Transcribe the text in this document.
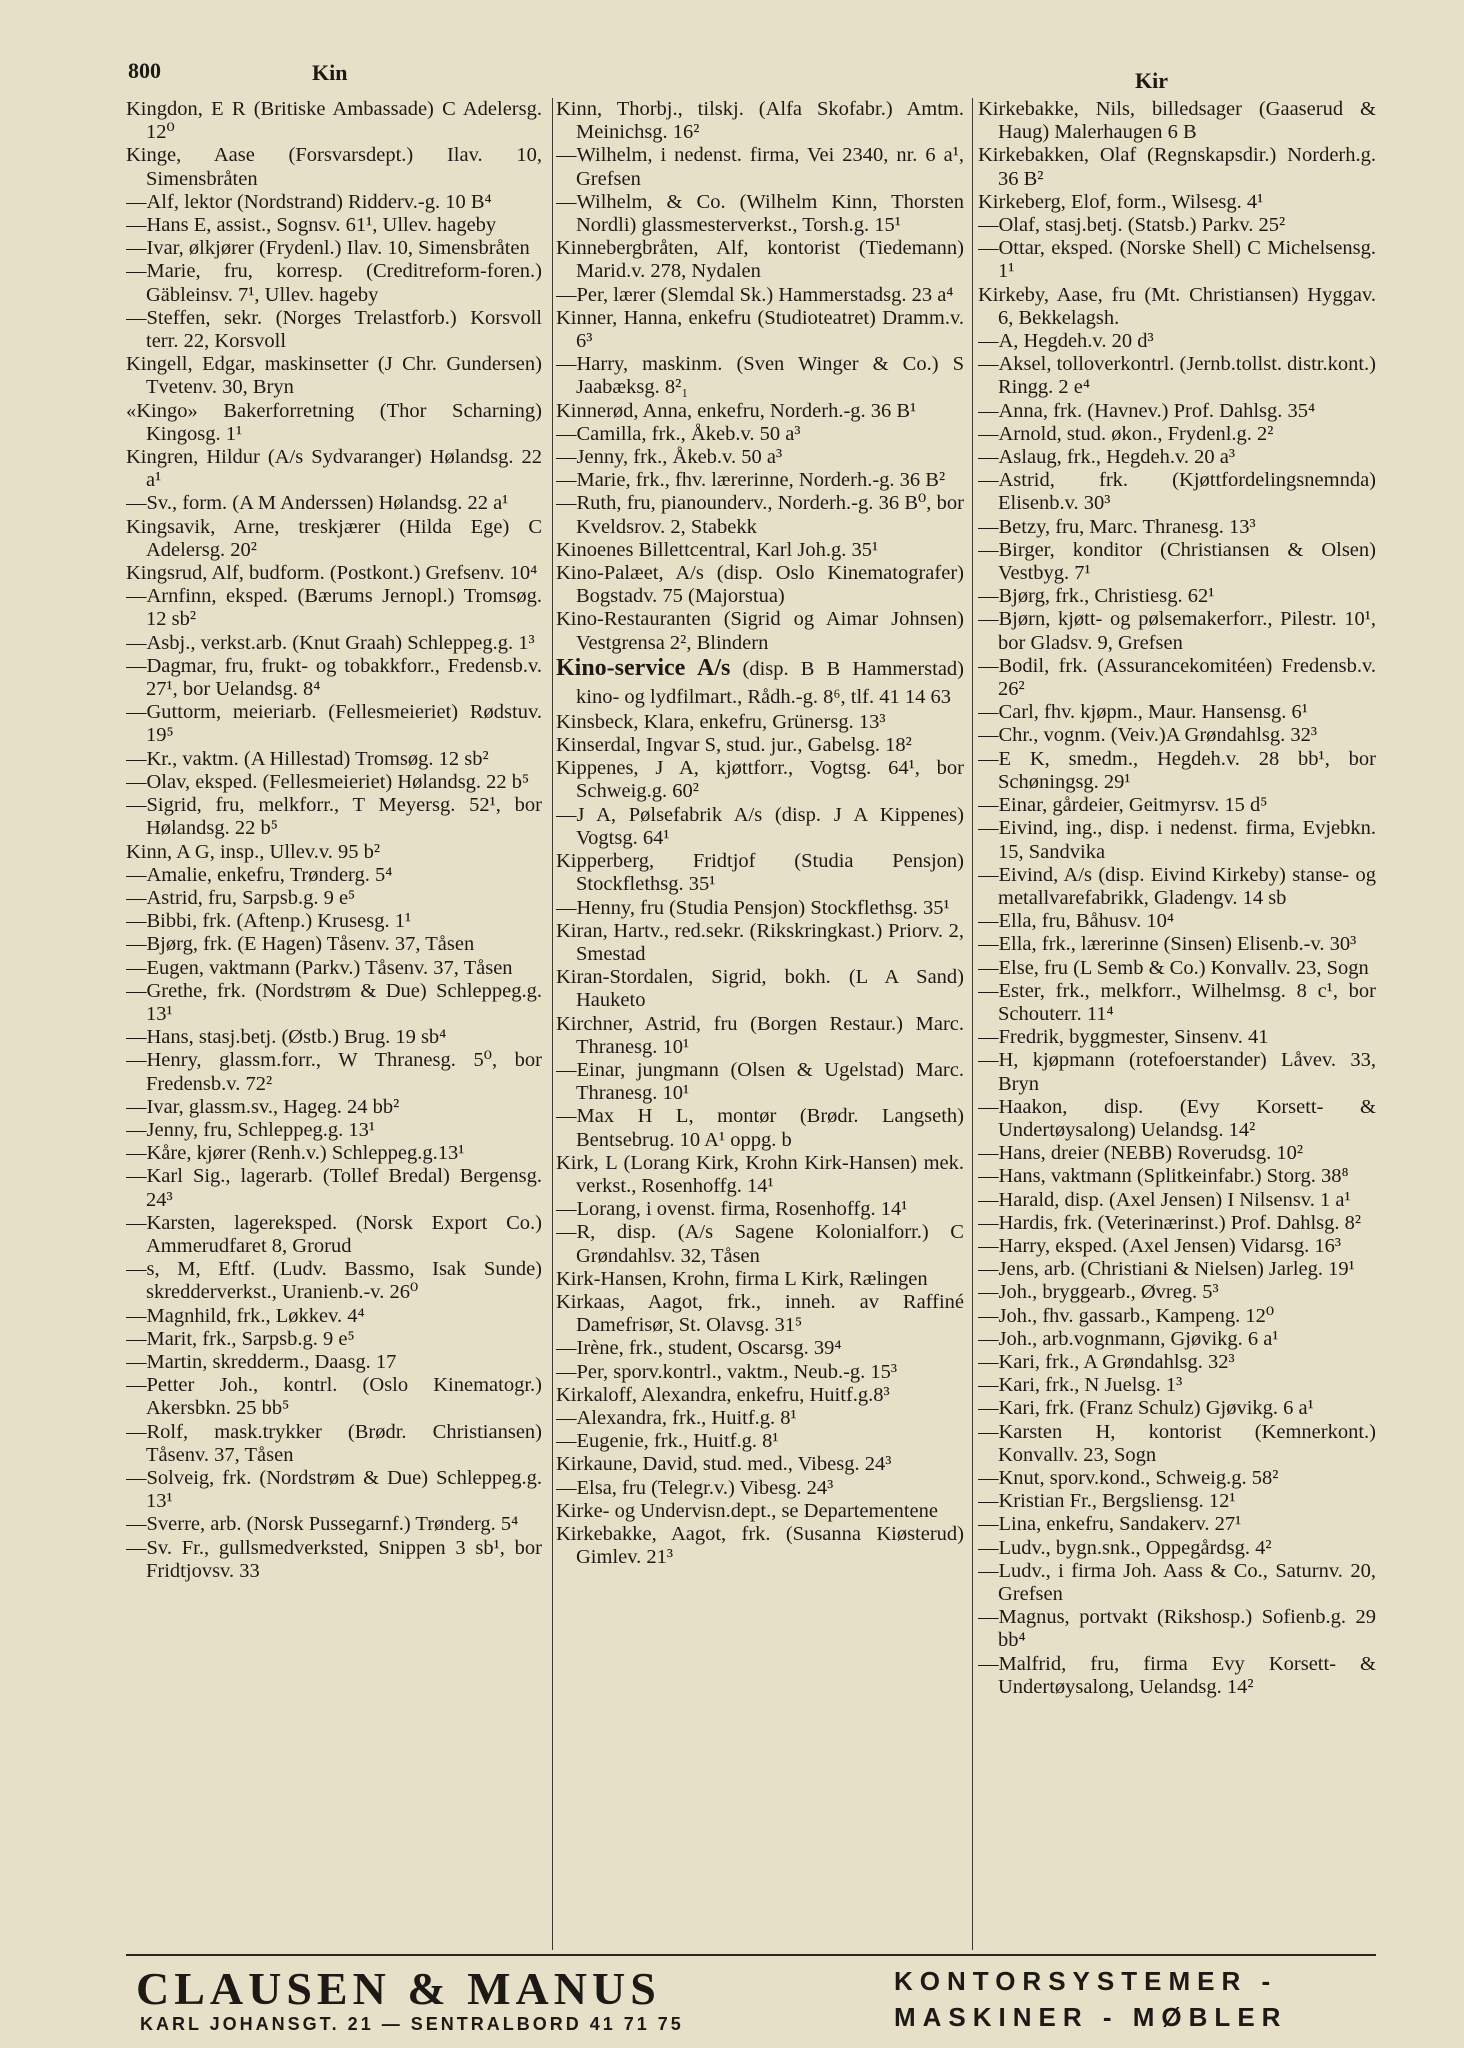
800	Kin	Kir

Kingdon, E R (Britiske Ambassade) C Adelersg. 12⁰

Kinge, Aase (Forsvarsdept.) Ilav. 10, Simensbråten

—Alf, lektor (Nordstrand) Ridderv.-g. 10 B⁴

—Hans E, assist., Sognsv. 61¹, Ullev. hageby

—Ivar, ølkjører (Frydenl.) Ilav. 10, Simensbråten

—Marie, fru, korresp. (Creditreform-foren.) Gäbleinsv. 7¹, Ullev. hageby

—Steffen, sekr. (Norges Trelastforb.) Korsvoll terr. 22, Korsvoll

Kingell, Edgar, maskinsetter (J Chr. Gundersen) Tvetenv. 30, Bryn

«Kingo» Bakerforretning (Thor Scharning) Kingosg. 1¹

Kingren, Hildur (A/s Sydvaranger) Hølandsg. 22 a¹

—Sv., form. (A M Anderssen) Hølandsg. 22 a¹

Kingsavik, Arne, treskjærer (Hilda Ege) C Adelersg. 20²

Kingsrud, Alf, budform. (Postkont.) Grefsenv. 10⁴

—Arnfinn, eksped. (Bærums Jernopl.) Tromsøg. 12 sb²

—Asbj., verkst.arb. (Knut Graah) Schleppeg.g. 1³

—Dagmar, fru, frukt- og tobakkforr., Fredensb.v. 27¹, bor Uelandsg. 8⁴

—Guttorm, meieriarb. (Fellesmeieriet) Rødstuv. 19⁵

—Kr., vaktm. (A Hillestad) Tromsøg. 12 sb²

—Olav, eksped. (Fellesmeieriet) Hølandsg. 22 b⁵

—Sigrid, fru, melkforr., T Meyersg. 52¹, bor Hølandsg. 22 b⁵

Kinn, A G, insp., Ullev.v. 95 b²

—Amalie, enkefru, Trønderg. 5⁴

—Astrid, fru, Sarpsb.g. 9 e⁵

—Bibbi, frk. (Aftenp.) Krusesg. 1¹

—Bjørg, frk. (E Hagen) Tåsenv. 37, Tåsen

—Eugen, vaktmann (Parkv.) Tåsenv. 37, Tåsen

—Grethe, frk. (Nordstrøm & Due) Schleppeg.g. 13¹

—Hans, stasj.betj. (Østb.) Brug. 19 sb⁴

—Henry, glassm.forr., W Thranesg. 5⁰, bor Fredensb.v. 72²

—Ivar, glassm.sv., Hageg. 24 bb²

—Jenny, fru, Schleppeg.g. 13¹

—Kåre, kjører (Renh.v.) Schleppeg.g.13¹

—Karl Sig., lagerarb. (Tollef Bredal) Bergensg. 24³

—Karsten, lagereksped. (Norsk Export Co.) Ammerudfaret 8, Grorud

—s, M, Eftf. (Ludv. Bassmo, Isak Sunde) skredderverkst., Uranienb.-v. 26⁰

—Magnhild, frk., Løkkev. 4⁴

—Marit, frk., Sarpsb.g. 9 e⁵

—Martin, skredderm., Daasg. 17

—Petter Joh., kontrl. (Oslo Kinematogr.) Akersbkn. 25 bb⁵

—Rolf, mask.trykker (Brødr. Christiansen) Tåsenv. 37, Tåsen

—Solveig, frk. (Nordstrøm & Due) Schleppeg.g. 13¹

—Sverre, arb. (Norsk Pussegarnf.) Trønderg. 5⁴

—Sv. Fr., gullsmedverksted, Snippen 3 sb¹, bor Fridtjovsv. 33

Kinn, Thorbj., tilskj. (Alfa Skofabr.) Amtm. Meinichsg. 16²

—Wilhelm, i nedenst. firma, Vei 2340, nr. 6 a¹, Grefsen

—Wilhelm, & Co. (Wilhelm Kinn, Thorsten Nordli) glassmesterverkst., Torsh.g. 15¹

Kinnebergbråten, Alf, kontorist (Tiedemann) Marid.v. 278, Nydalen

—Per, lærer (Slemdal Sk.) Hammerstadsg. 23 a⁴

Kinner, Hanna, enkefru (Studioteatret) Dramm.v. 6³

—Harry, maskinm. (Sven Winger & Co.) S Jaabæksg. 8²₁

Kinnerød, Anna, enkefru, Norderh.-g. 36 B¹

—Camilla, frk., Åkeb.v. 50 a³

—Jenny, frk., Åkeb.v. 50 a³

—Marie, frk., fhv. lærerinne, Norderh.-g. 36 B²

—Ruth, fru, pianounderv., Norderh.-g. 36 B⁰, bor Kveldsrov. 2, Stabekk

Kinoenes Billettcentral, Karl Joh.g. 35¹

Kino-Palæet, A/s (disp. Oslo Kinematografer) Bogstadv. 75 (Majorstua)

Kino-Restauranten (Sigrid og Aimar Johnsen) Vestgrensa 2², Blindern

Kino-service A/s (disp. B B Hammerstad) kino- og lydfilmart., Rådh.-g. 8⁶, tlf. 41 14 63

Kinsbeck, Klara, enkefru, Grünersg. 13³

Kinserdal, Ingvar S, stud. jur., Gabelsg. 18²

Kippenes, J A, kjøttforr., Vogtsg. 64¹, bor Schweig.g. 60²

—J A, Pølsefabrik A/s (disp. J A Kippenes) Vogtsg. 64¹

Kipperberg, Fridtjof (Studia Pensjon) Stockflethsg. 35¹

—Henny, fru (Studia Pensjon) Stockflethsg. 35¹

Kiran, Hartv., red.sekr. (Rikskringkast.) Priorv. 2, Smestad

Kiran-Stordalen, Sigrid, bokh. (L A Sand) Hauketo

Kirchner, Astrid, fru (Borgen Restaur.) Marc. Thranesg. 10¹

—Einar, jungmann (Olsen & Ugelstad) Marc. Thranesg. 10¹

—Max H L, montør (Brødr. Langseth) Bentsebrug. 10 A¹ oppg. b

Kirk, L (Lorang Kirk, Krohn Kirk-Hansen) mek. verkst., Rosenhoffg. 14¹

—Lorang, i ovenst. firma, Rosenhoffg. 14¹

—R, disp. (A/s Sagene Kolonialforr.) C Grøndahlsv. 32, Tåsen

Kirk-Hansen, Krohn, firma L Kirk, Rælingen

Kirkaas, Aagot, frk., inneh. av Raffiné Damefrisør, St. Olavsg. 31⁵

—Irène, frk., student, Oscarsg. 39⁴

—Per, sporv.kontrl., vaktm., Neub.-g. 15³

Kirkaloff, Alexandra, enkefru, Huitf.g.8³

—Alexandra, frk., Huitf.g. 8¹

—Eugenie, frk., Huitf.g. 8¹

Kirkaune, David, stud. med., Vibesg. 24³

—Elsa, fru (Telegr.v.) Vibesg. 24³

Kirke- og Undervisn.dept., se Departementene

Kirkebakke, Aagot, frk. (Susanna Kiøsterud) Gimlev. 21³

Kirkebakke, Nils, billedsager (Gaaserud & Haug) Malerhaugen 6 B

Kirkebakken, Olaf (Regnskapsdir.) Norderh.g. 36 B²

Kirkeberg, Elof, form., Wilsesg. 4¹

—Olaf, stasj.betj. (Statsb.) Parkv. 25²

—Ottar, eksped. (Norske Shell) C Michelsensg. 1¹

Kirkeby, Aase, fru (Mt. Christiansen) Hyggav. 6, Bekkelagsh.

—A, Hegdeh.v. 20 d³

—Aksel, tolloverkontrl. (Jernb.tollst. distr.kont.) Ringg. 2 e⁴

—Anna, frk. (Havnev.) Prof. Dahlsg. 35⁴

—Arnold, stud. økon., Frydenl.g. 2²

—Aslaug, frk., Hegdeh.v. 20 a³

—Astrid, frk. (Kjøttfordelingsnemnda) Elisenb.v. 30³

—Betzy, fru, Marc. Thranesg. 13³

—Birger, konditor (Christiansen & Olsen) Vestbyg. 7¹

—Bjørg, frk., Christiesg. 62¹

—Bjørn, kjøtt- og pølsemakerforr., Pilestr. 10¹, bor Gladsv. 9, Grefsen

—Bodil, frk. (Assurancekomitéen) Fredensb.v. 26²

—Carl, fhv. kjøpm., Maur. Hansensg. 6¹

—Chr., vognm. (Veiv.)A Grøndahlsg. 32³

—E K, smedm., Hegdeh.v. 28 bb¹, bor Schøningsg. 29¹

—Einar, gårdeier, Geitmyrsv. 15 d⁵

—Eivind, ing., disp. i nedenst. firma, Evjebkn. 15, Sandvika

—Eivind, A/s (disp. Eivind Kirkeby) stanse- og metallvarefabrikk, Gladengv. 14 sb

—Ella, fru, Båhusv. 10⁴

—Ella, frk., lærerinne (Sinsen) Elisenb.-v. 30³

—Else, fru (L Semb & Co.) Konvallv. 23, Sogn

—Ester, frk., melkforr., Wilhelmsg. 8 c¹, bor Schouterr. 11⁴

—Fredrik, byggmester, Sinsenv. 41

—H, kjøpmann (rotefoerstander) Låvev. 33, Bryn

—Haakon, disp. (Evy Korsett- & Undertøysalong) Uelandsg. 14²

—Hans, dreier (NEBB) Roverudsg. 10²

—Hans, vaktmann (Splitkeinfabr.) Storg. 38⁸

—Harald, disp. (Axel Jensen) I Nilsensv. 1 a¹

—Hardis, frk. (Veterinærinst.) Prof. Dahlsg. 8²

—Harry, eksped. (Axel Jensen) Vidarsg. 16³

—Jens, arb. (Christiani & Nielsen) Jarleg. 19¹

—Joh., bryggearb., Øvreg. 5³

—Joh., fhv. gassarb., Kampeng. 12⁰

—Joh., arb.vognmann, Gjøvikg. 6 a¹

—Kari, frk., A Grøndahlsg. 32³

—Kari, frk., N Juelsg. 1³

—Kari, frk. (Franz Schulz) Gjøvikg. 6 a¹

—Karsten H, kontorist (Kemnerkont.) Konvallv. 23, Sogn

—Knut, sporv.kond., Schweig.g. 58²

—Kristian Fr., Bergsliensg. 12¹

—Lina, enkefru, Sandakerv. 27¹

—Ludv., bygn.snk., Oppegårdsg. 4²

—Ludv., i firma Joh. Aass & Co., Saturnv. 20, Grefsen

—Magnus, portvakt (Rikshosp.) Sofienb.g. 29 bb⁴

—Malfrid, fru, firma Evy Korsett- & Undertøysalong, Uelandsg. 14²

CLAUSEN & MANUS
KARL JOHANSGT. 21 — SENTRALBORD 41 71 75
KONTORSYSTEMER -
MASKINER - MØBLER
